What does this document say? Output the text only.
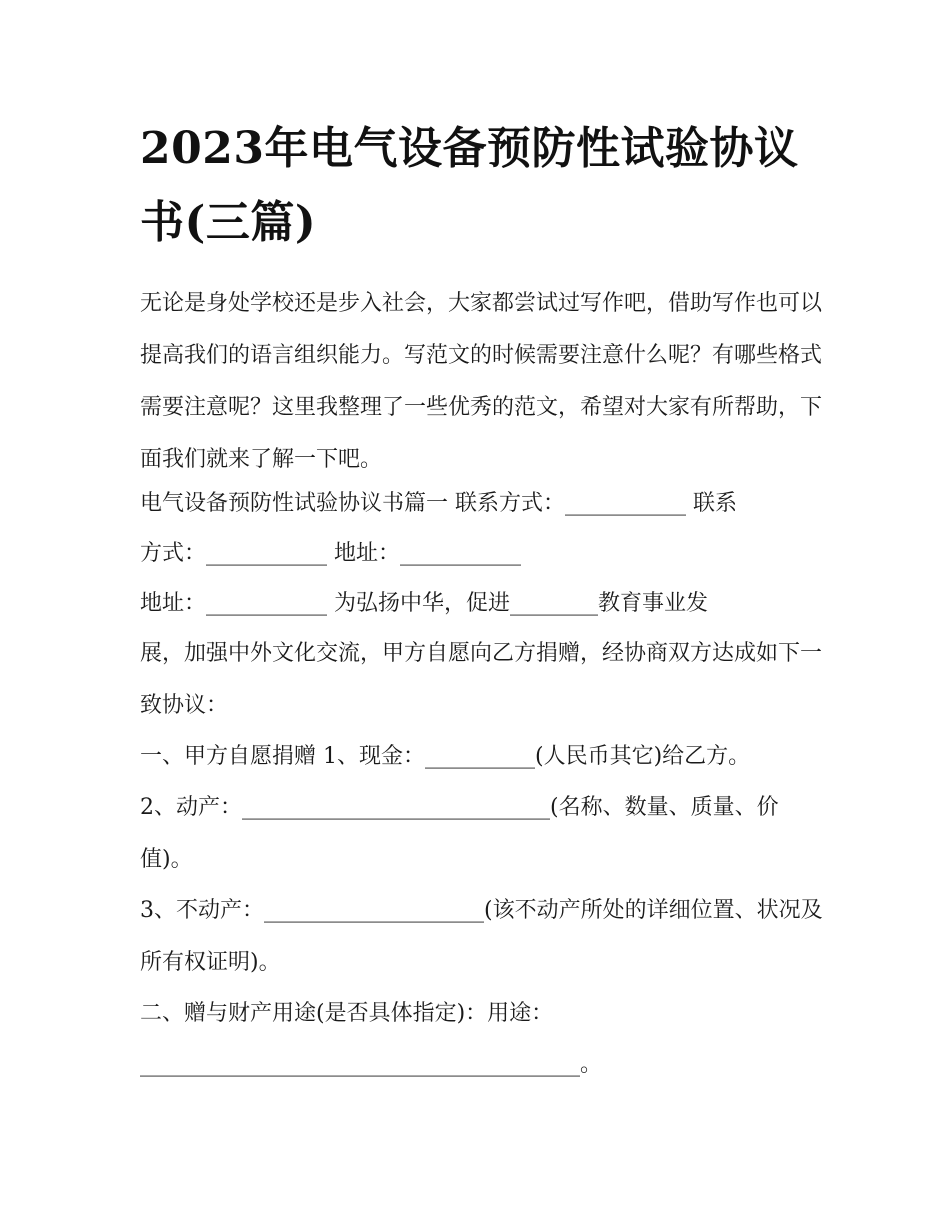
2023年电气设备预防性试验协议书(三篇)

无论是身处学校还是步入社会，大家都尝试过写作吧，借助写作也可以提高我们的语言组织能力。写范文的时候需要注意什么呢？有哪些格式需要注意呢？这里我整理了一些优秀的范文，希望对大家有所帮助，下面我们就来了解一下吧。

电气设备预防性试验协议书篇一 联系方式：___________ 联系

方式：___________ 地址：___________

地址：___________ 为弘扬中华，促进________教育事业发

展，加强中外文化交流，甲方自愿向乙方捐赠，经协商双方达成如下一致协议：

一、甲方自愿捐赠 1、现金：__________(人民币其它)给乙方。

2、动产：____________________________(名称、数量、质量、价值)。

3、不动产：____________________(该不动产所处的详细位置、状况及所有权证明)。

二、赠与财产用途(是否具体指定)：用途：

________________________________________。
